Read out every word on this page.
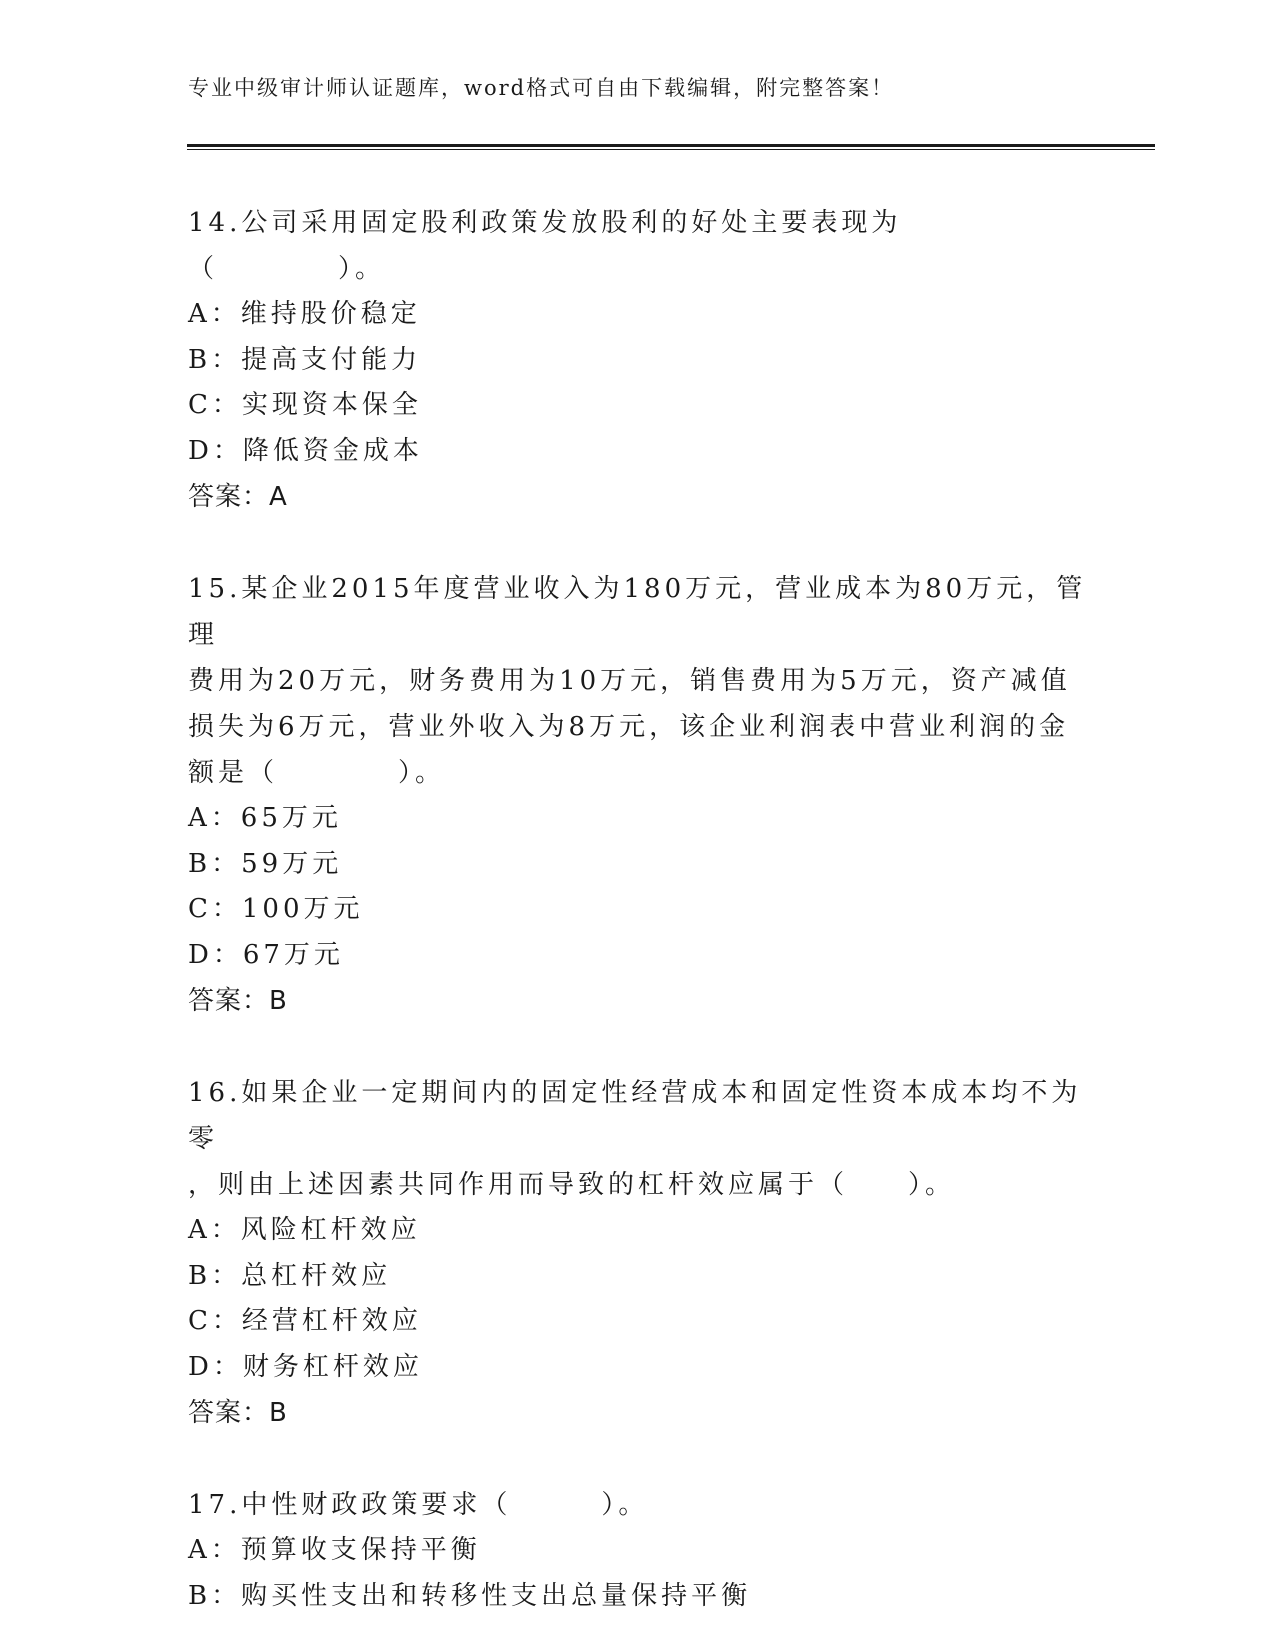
专业中级审计师认证题库，word格式可自由下载编辑，附完整答案！

14.公司采用固定股利政策发放股利的好处主要表现为（　　　　）。

A：维持股价稳定

B：提高支付能力

C：实现资本保全

D：降低资金成本

答案：A

15.某企业2015年度营业收入为180万元，营业成本为80万元，管理

费用为20万元，财务费用为10万元，销售费用为5万元，资产减值

损失为6万元，营业外收入为8万元，该企业利润表中营业利润的金

额是（　　　　）。

A：65万元

B：59万元

C：100万元

D：67万元

答案：B

16.如果企业一定期间内的固定性经营成本和固定性资本成本均不为零

，则由上述因素共同作用而导致的杠杆效应属于（　　）。

A：风险杠杆效应

B：总杠杆效应

C：经营杠杆效应

D：财务杠杆效应

答案：B

17.中性财政政策要求（　　　）。

A：预算收支保持平衡

B：购买性支出和转移性支出总量保持平衡
